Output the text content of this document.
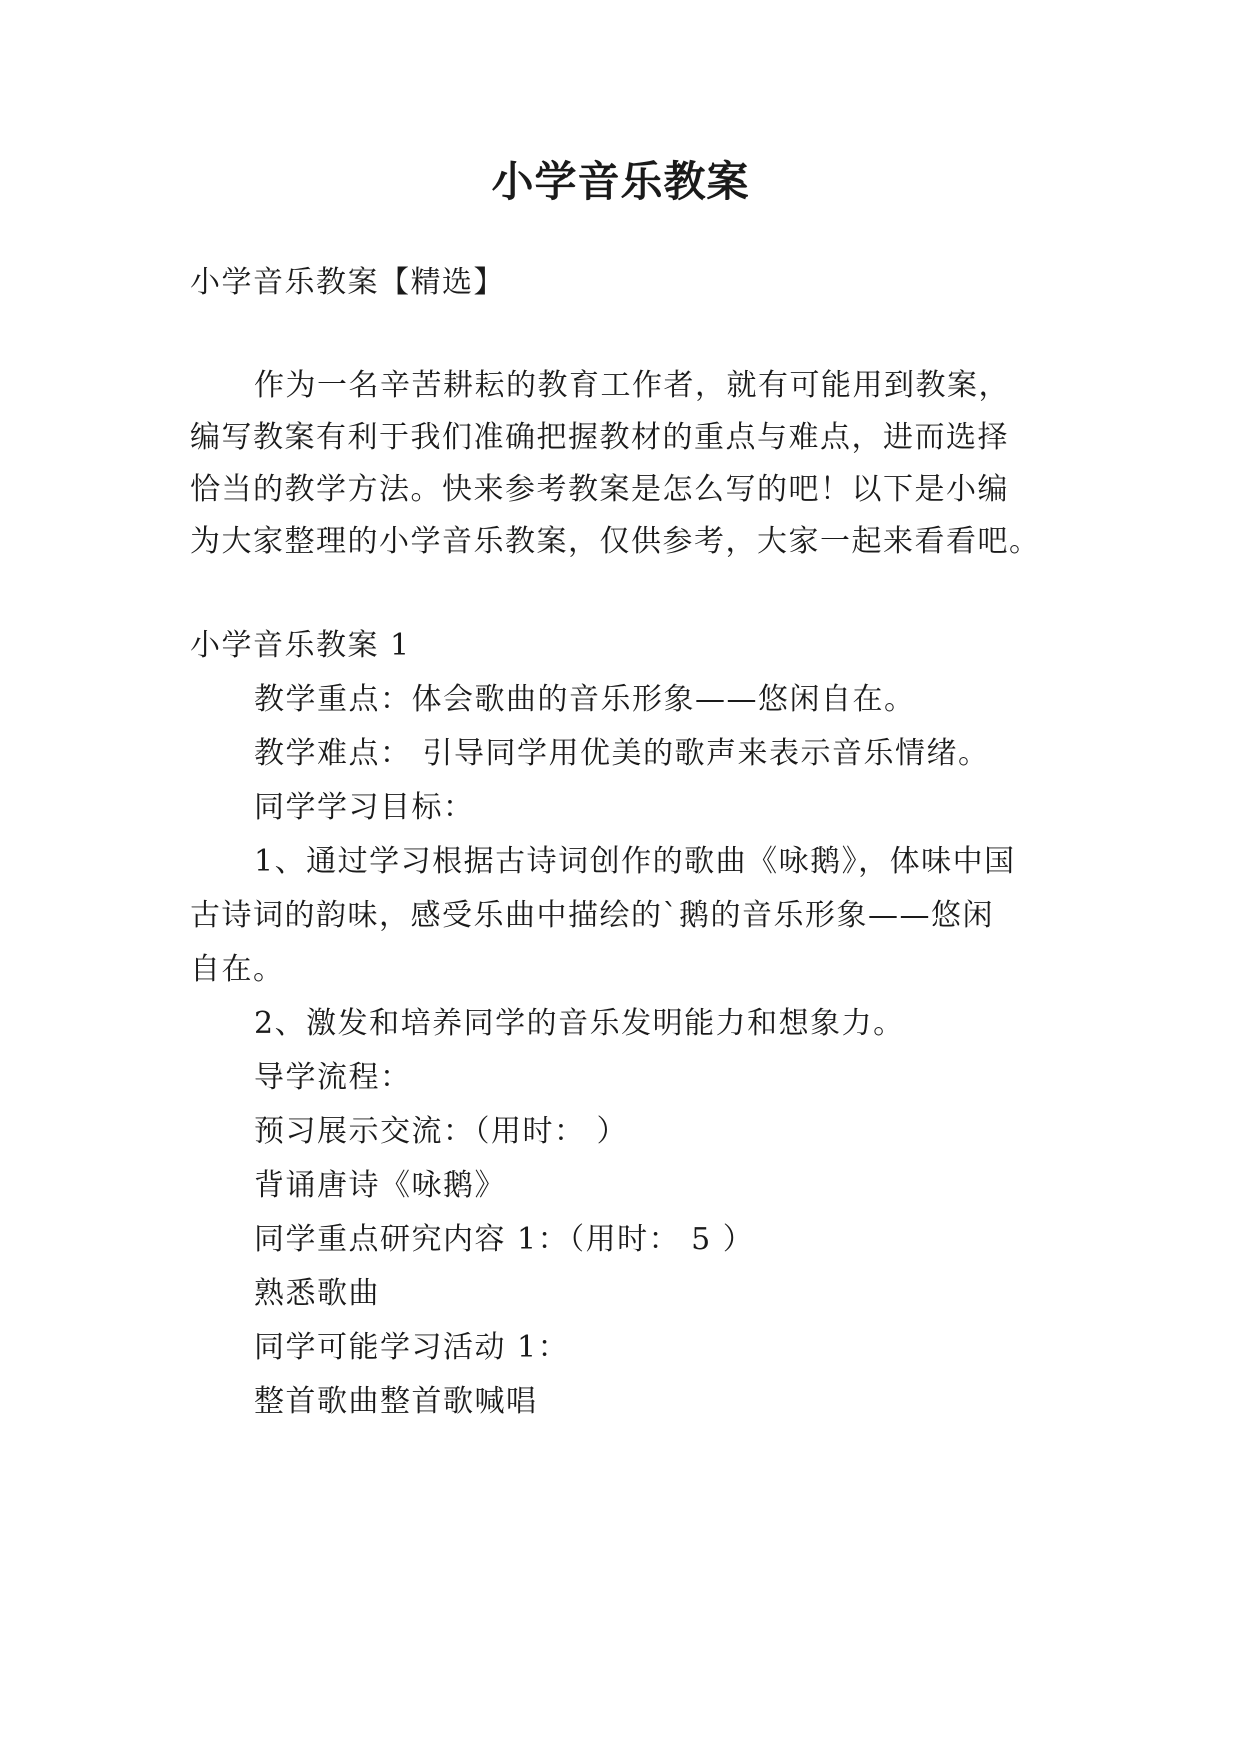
小学音乐教案
小学音乐教案【精选】
作为一名辛苦耕耘的教育工作者，就有可能用到教案，
编写教案有利于我们准确把握教材的重点与难点，进而选择
恰当的教学方法。快来参考教案是怎么写的吧！以下是小编
为大家整理的小学音乐教案，仅供参考，大家一起来看看吧。
小学音乐教案 1
教学重点：体会歌曲的音乐形象——悠闲自在。
教学难点： 引导同学用优美的歌声来表示音乐情绪。
同学学习目标：
1、通过学习根据古诗词创作的歌曲《咏鹅》，体味中国
古诗词的韵味，感受乐曲中描绘的`鹅的音乐形象——悠闲
自在。
2、激发和培养同学的音乐发明能力和想象力。
导学流程：
预习展示交流：（用时： ）
背诵唐诗《咏鹅》
同学重点研究内容 1：（用时： 5 ）
熟悉歌曲
同学可能学习活动 1：
整首歌曲整首歌喊唱
